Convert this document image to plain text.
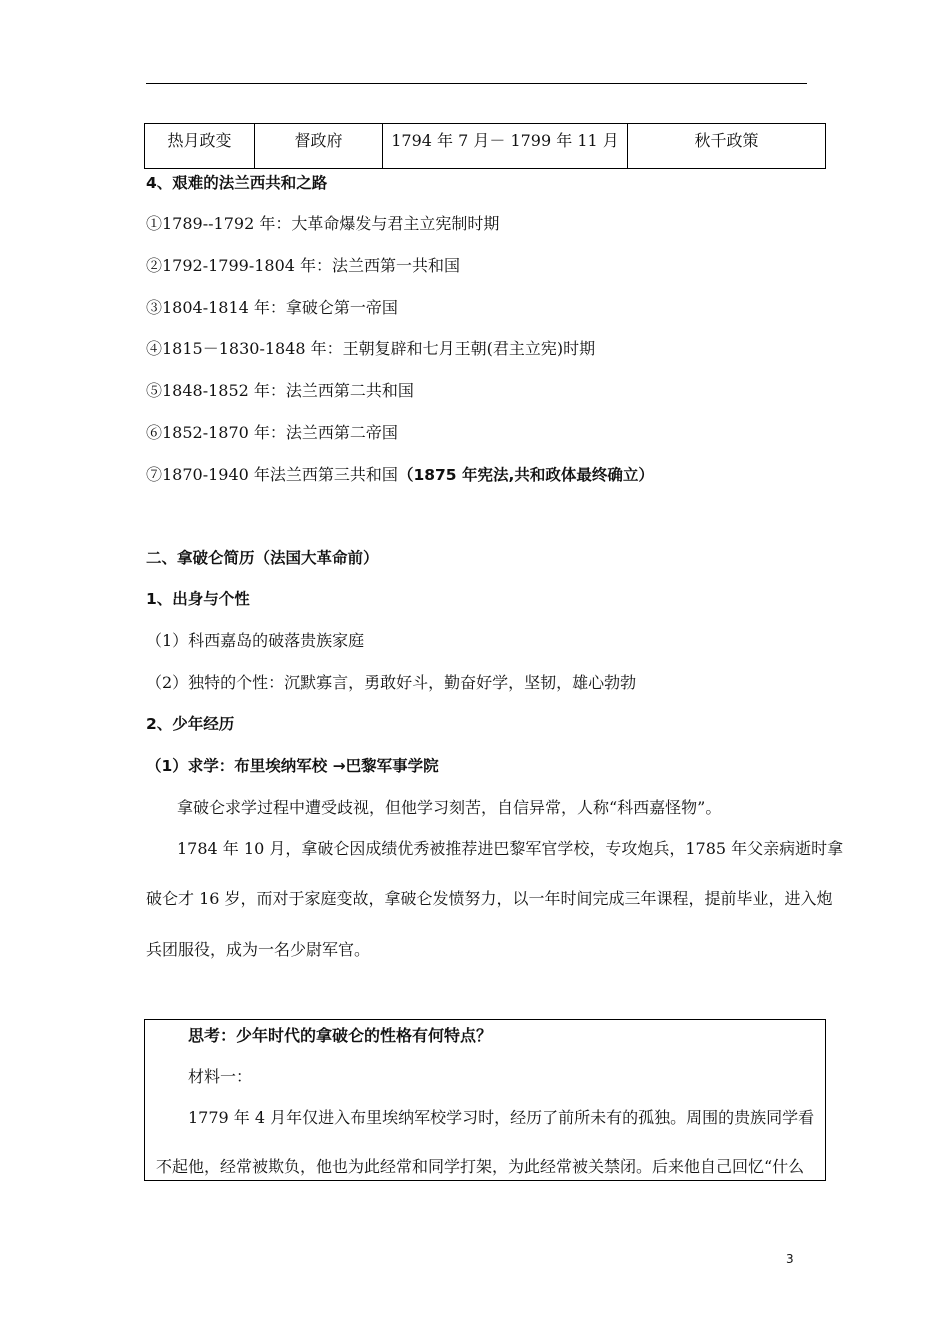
热月政变	督政府	1794 年 7 月－ 1799 年 11 月	秋千政策
4、艰难的法兰西共和之路
①1789--1792 年：大革命爆发与君主立宪制时期
②1792-1799-1804 年：法兰西第一共和国
③1804-1814 年：拿破仑第一帝国
④1815－1830-1848 年：王朝复辟和七月王朝(君主立宪)时期
⑤1848-1852 年：法兰西第二共和国
⑥1852-1870 年：法兰西第二帝国
⑦1870-1940 年法兰西第三共和国（1875 年宪法,共和政体最终确立）
二、拿破仑简历（法国大革命前）
1、出身与个性
（1）科西嘉岛的破落贵族家庭
（2）独特的个性：沉默寡言，勇敢好斗，勤奋好学，坚韧，雄心勃勃
2、少年经历
（1）求学：布里埃纳军校 →巴黎军事学院
拿破仑求学过程中遭受歧视，但他学习刻苦，自信异常，人称“科西嘉怪物”。
1784 年 10 月，拿破仑因成绩优秀被推荐进巴黎军官学校，专攻炮兵，1785 年父亲病逝时拿
破仑才 16 岁，而对于家庭变故，拿破仑发愤努力，以一年时间完成三年课程，提前毕业，进入炮
兵团服役，成为一名少尉军官。
思考：少年时代的拿破仑的性格有何特点？
材料一：
1779 年 4 月年仅进入布里埃纳军校学习时，经历了前所未有的孤独。周围的贵族同学看
不起他，经常被欺负，他也为此经常和同学打架，为此经常被关禁闭。后来他自己回忆“什么
3
